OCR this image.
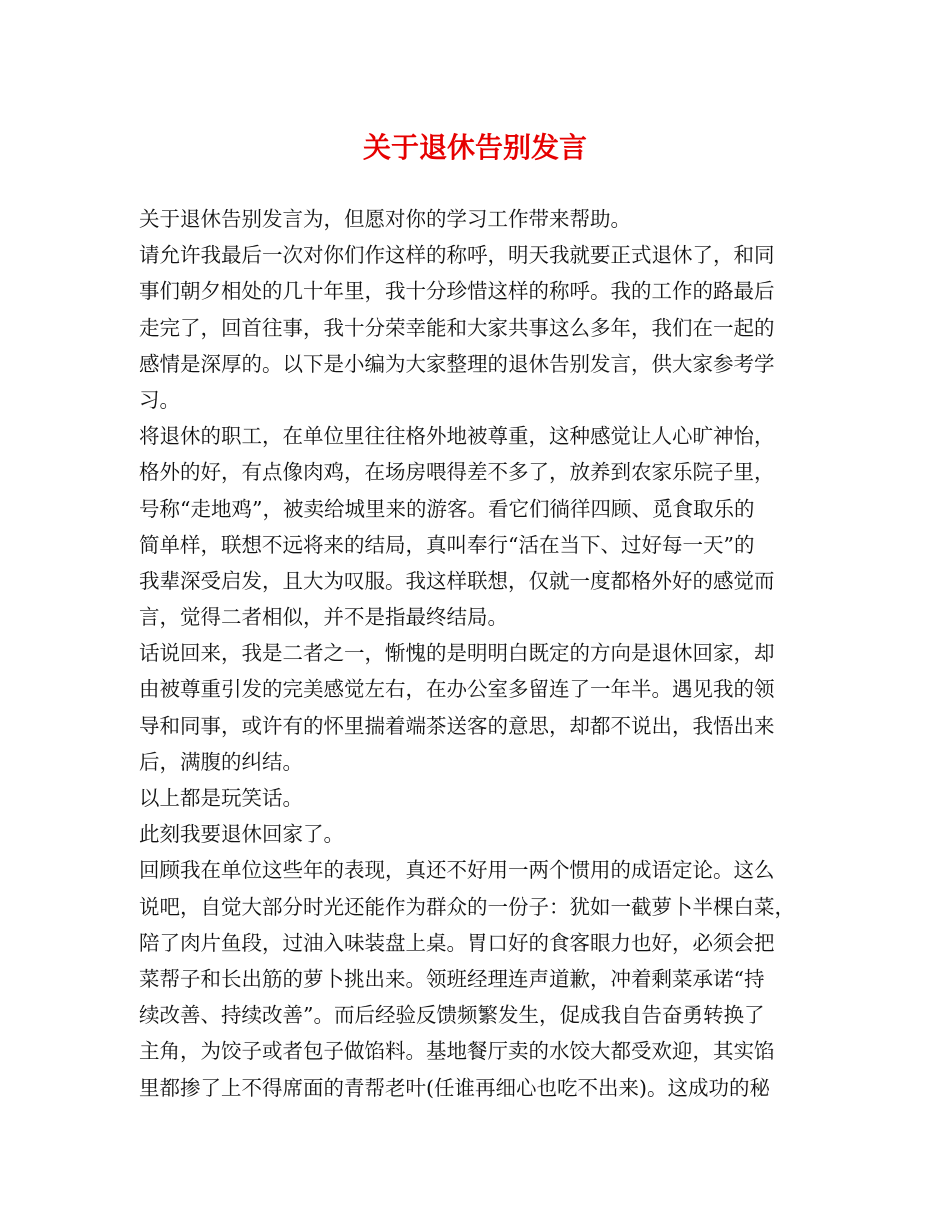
关于退休告别发言
关于退休告别发言为，但愿对你的学习工作带来帮助。
请允许我最后一次对你们作这样的称呼，明天我就要正式退休了，和同
事们朝夕相处的几十年里，我十分珍惜这样的称呼。我的工作的路最后
走完了，回首往事，我十分荣幸能和大家共事这么多年，我们在一起的
感情是深厚的。以下是小编为大家整理的退休告别发言，供大家参考学
习。
将退休的职工，在单位里往往格外地被尊重，这种感觉让人心旷神怡，
格外的好，有点像肉鸡，在场房喂得差不多了，放养到农家乐院子里，
号称“走地鸡”，被卖给城里来的游客。看它们徜徉四顾、觅食取乐的
简单样，联想不远将来的结局，真叫奉行“活在当下、过好每一天”的
我辈深受启发，且大为叹服。我这样联想，仅就一度都格外好的感觉而
言，觉得二者相似，并不是指最终结局。
话说回来，我是二者之一，惭愧的是明明白既定的方向是退休回家，却
由被尊重引发的完美感觉左右，在办公室多留连了一年半。遇见我的领
导和同事，或许有的怀里揣着端茶送客的意思，却都不说出，我悟出来
后，满腹的纠结。
以上都是玩笑话。
此刻我要退休回家了。
回顾我在单位这些年的表现，真还不好用一两个惯用的成语定论。这么
说吧，自觉大部分时光还能作为群众的一份子：犹如一截萝卜半棵白菜，
陪了肉片鱼段，过油入味装盘上桌。胃口好的食客眼力也好，必须会把
菜帮子和长出筋的萝卜挑出来。领班经理连声道歉，冲着剩菜承诺“持
续改善、持续改善”。而后经验反馈频繁发生，促成我自告奋勇转换了
主角，为饺子或者包子做馅料。基地餐厅卖的水饺大都受欢迎，其实馅
里都掺了上不得席面的青帮老叶(任谁再细心也吃不出来)。这成功的秘
